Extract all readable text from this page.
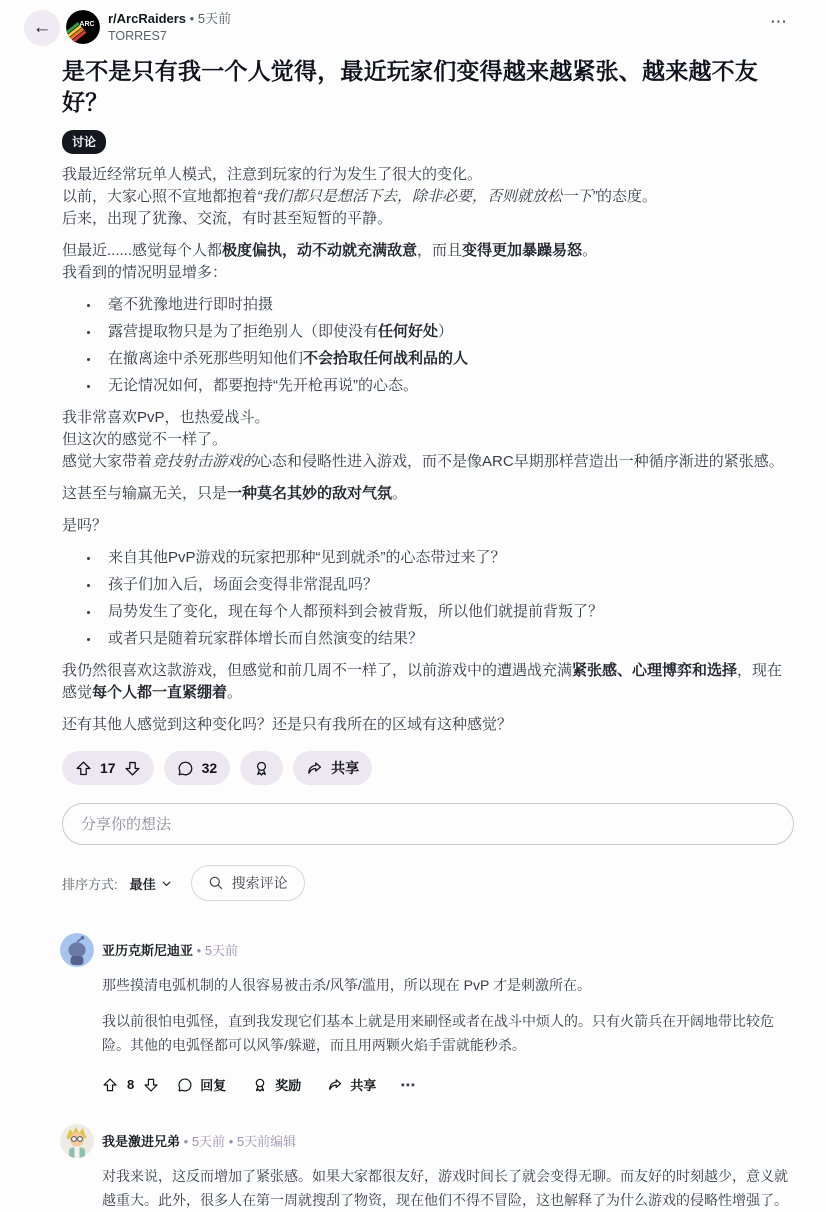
←	ARC r/ArcRaiders • 5天前
TORRES7
⋯
是不是只有我一个人觉得，最近玩家们变得越来越紧张、越来越不友好？
讨论

我最近经常玩单人模式，注意到玩家的行为发生了很大的变化。
以前，大家心照不宣地都抱着“我们都只是想活下去，除非必要，否则就放松一下”的态度。
后来，出现了犹豫、交流，有时甚至短暂的平静。

但最近......感觉每个人都极度偏执，动不动就充满敌意，而且变得更加暴躁易怒。
我看到的情况明显增多：

• 毫不犹豫地进行即时拍摄
• 露营提取物只是为了拒绝别人（即使没有任何好处）
• 在撤离途中杀死那些明知他们不会拾取任何战利品的人
• 无论情况如何，都要抱持“先开枪再说”的心态。

我非常喜欢PvP，也热爱战斗。
但这次的感觉不一样了。
感觉大家带着竞技射击游戏的心态和侵略性进入游戏，而不是像ARC早期那样营造出一种循序渐进的紧张感。

这甚至与输赢无关，只是一种莫名其妙的敌对气氛。

是吗？

• 来自其他PvP游戏的玩家把那种“见到就杀”的心态带过来了？
• 孩子们加入后，场面会变得非常混乱吗？
• 局势发生了变化，现在每个人都预料到会被背叛，所以他们就提前背叛了？
• 或者只是随着玩家群体增长而自然演变的结果？

我仍然很喜欢这款游戏，但感觉和前几周不一样了，以前游戏中的遭遇战充满紧张感、心理博弈和选择，现在感觉每个人都一直紧绷着。

还有其他人感觉到这种变化吗？还是只有我所在的区域有这种感觉？

17	32	共享
分享你的想法
排序方式: 最佳	搜索评论
亚历克斯尼迪亚 • 5天前

那些摸清电弧机制的人很容易被击杀/风筝/滥用，所以现在 PvP 才是刺激所在。

我以前很怕电弧怪，直到我发现它们基本上就是用来刷怪或者在战斗中烦人的。只有火箭兵在开阔地带比较危险。其他的电弧怪都可以风筝/躲避，而且用两颗火焰手雷就能秒杀。

8	回复	奖励	共享	⋯
我是激进兄弟 • 5天前 • 5天前编辑

对我来说，这反而增加了紧张感。如果大家都很友好，游戏时间长了就会变得无聊。而友好的时刻越少，意义就越重大。此外，很多人在第一周就搜刮了物资，现在他们不得不冒险，这也解释了为什么游戏的侵略性增强了。
